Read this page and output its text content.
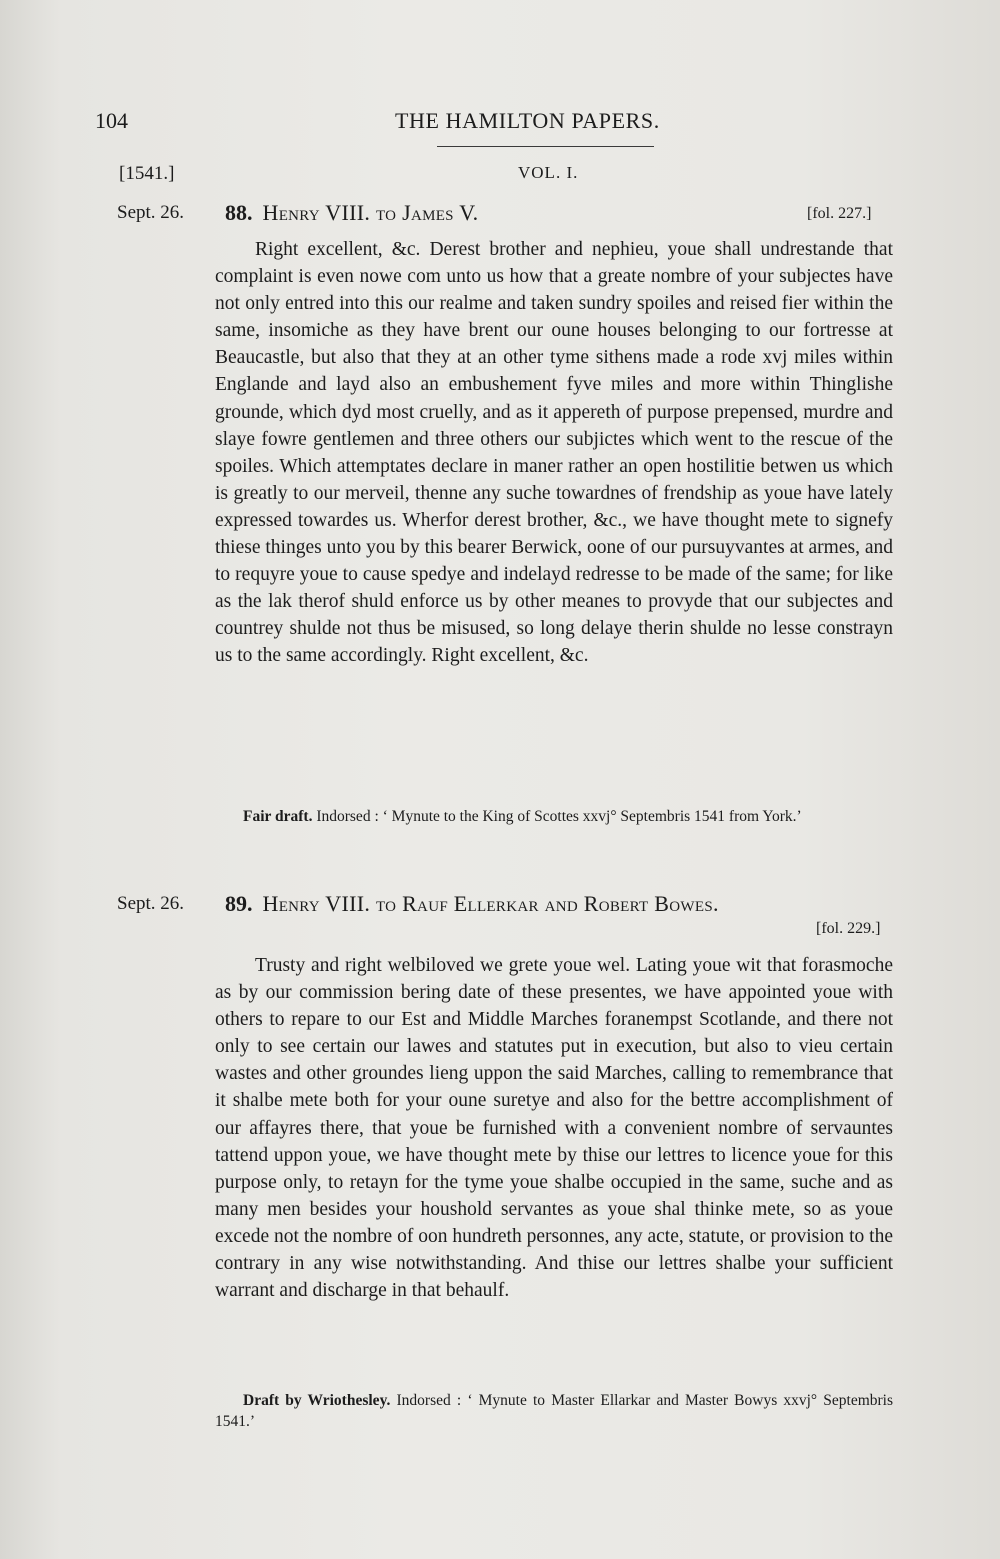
104	THE HAMILTON PAPERS.
[1541.]	VOL. I.
Sept. 26. 88. Henry VIII. to James V.	[fol. 227.]

Right excellent, &c. Derest brother and nephieu, youe shall undrestande that complaint is even nowe com unto us how that a greate nombre of your subjectes have not only entred into this our realme and taken sundry spoiles and reised fier within the same, insomiche as they have brent our oune houses belonging to our fortresse at Beaucastle, but also that they at an other tyme sithens made a rode xvj miles within Englande and layd also an embushement fyve miles and more within Thinglishe grounde, which dyd most cruelly, and as it appereth of purpose prepensed, murdre and slaye fowre gentlemen and three others our subjictes which went to the rescue of the spoiles. Which attemptates declare in maner rather an open hostilitie betwen us which is greatly to our merveil, thenne any suche towardnes of frendship as youe have lately expressed towardes us. Wherfor derest brother, &c., we have thought mete to signefy thiese thinges unto you by this bearer Berwick, oone of our pursuyvantes at armes, and to requyre youe to cause spedye and indelayd redresse to be made of the same; for like as the lak therof shuld enforce us by other meanes to provyde that our subjectes and countrey shulde not thus be misused, so long delaye therin shulde no lesse constrayn us to the same accordingly. Right excellent, &c.

Fair draft. Indorsed : ‘ Mynute to the King of Scottes xxvj° Septembris 1541 from York.’

Sept. 26. 89. Henry VIII. to Rauf Ellerkar and Robert Bowes.
[fol. 229.]

Trusty and right welbiloved we grete youe wel. Lating youe wit that forasmoche as by our commission bering date of these presentes, we have appointed youe with others to repare to our Est and Middle Marches foranempst Scotlande, and there not only to see certain our lawes and statutes put in execution, but also to vieu certain wastes and other groundes lieng uppon the said Marches, calling to remembrance that it shalbe mete both for your oune suretye and also for the bettre accomplishment of our affayres there, that youe be furnished with a convenient nombre of servauntes tattend uppon youe, we have thought mete by thise our lettres to licence youe for this purpose only, to retayn for the tyme youe shalbe occupied in the same, suche and as many men besides your houshold servantes as youe shal thinke mete, so as youe excede not the nombre of oon hundreth personnes, any acte, statute, or provision to the contrary in any wise notwithstanding. And thise our lettres shalbe your sufficient warrant and discharge in that behaulf.

Draft by Wriothesley. Indorsed : ‘ Mynute to Master Ellarkar and Master Bowys xxvj° Septembris 1541.’
